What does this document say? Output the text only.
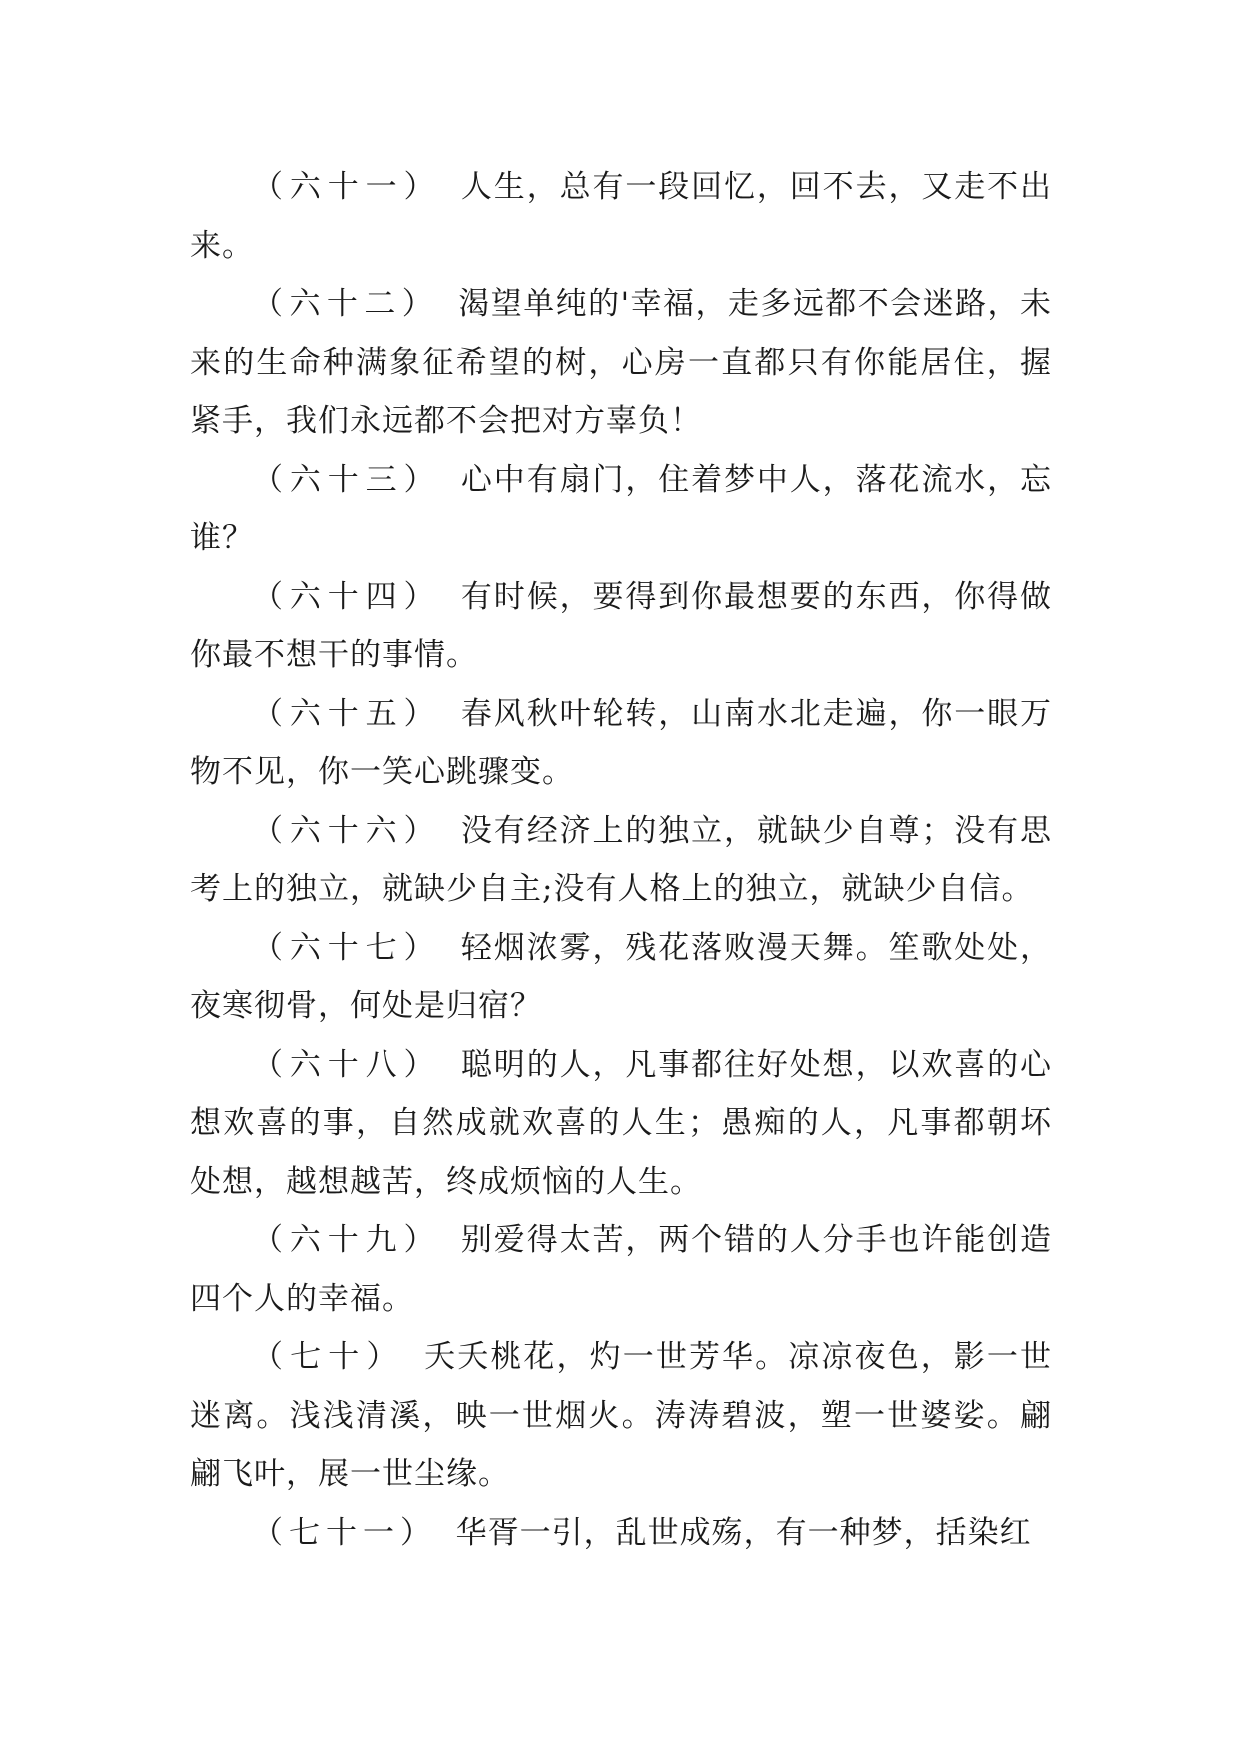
（六十一） 人生，总有一段回忆，回不去，又走不出来。

（六十二） 渴望单纯的'幸福，走多远都不会迷路，未来的生命种满象征希望的树，心房一直都只有你能居住，握紧手，我们永远都不会把对方辜负！

（六十三） 心中有扇门，住着梦中人，落花流水，忘谁？

（六十四） 有时候，要得到你最想要的东西，你得做你最不想干的事情。

（六十五） 春风秋叶轮转，山南水北走遍，你一眼万物不见，你一笑心跳骤变。

（六十六） 没有经济上的独立，就缺少自尊；没有思考上的独立，就缺少自主;没有人格上的独立，就缺少自信。

（六十七） 轻烟浓雾，残花落败漫天舞。笙歌处处，夜寒彻骨，何处是归宿？

（六十八） 聪明的人，凡事都往好处想，以欢喜的心想欢喜的事，自然成就欢喜的人生；愚痴的人，凡事都朝坏处想，越想越苦，终成烦恼的人生。

（六十九） 别爱得太苦，两个错的人分手也许能创造四个人的幸福。

（七十） 夭夭桃花，灼一世芳华。凉凉夜色，影一世迷离。浅浅清溪，映一世烟火。涛涛碧波，塑一世婆娑。翩翩飞叶，展一世尘缘。

（七十一） 华胥一引，乱世成殇，有一种梦，括染红
